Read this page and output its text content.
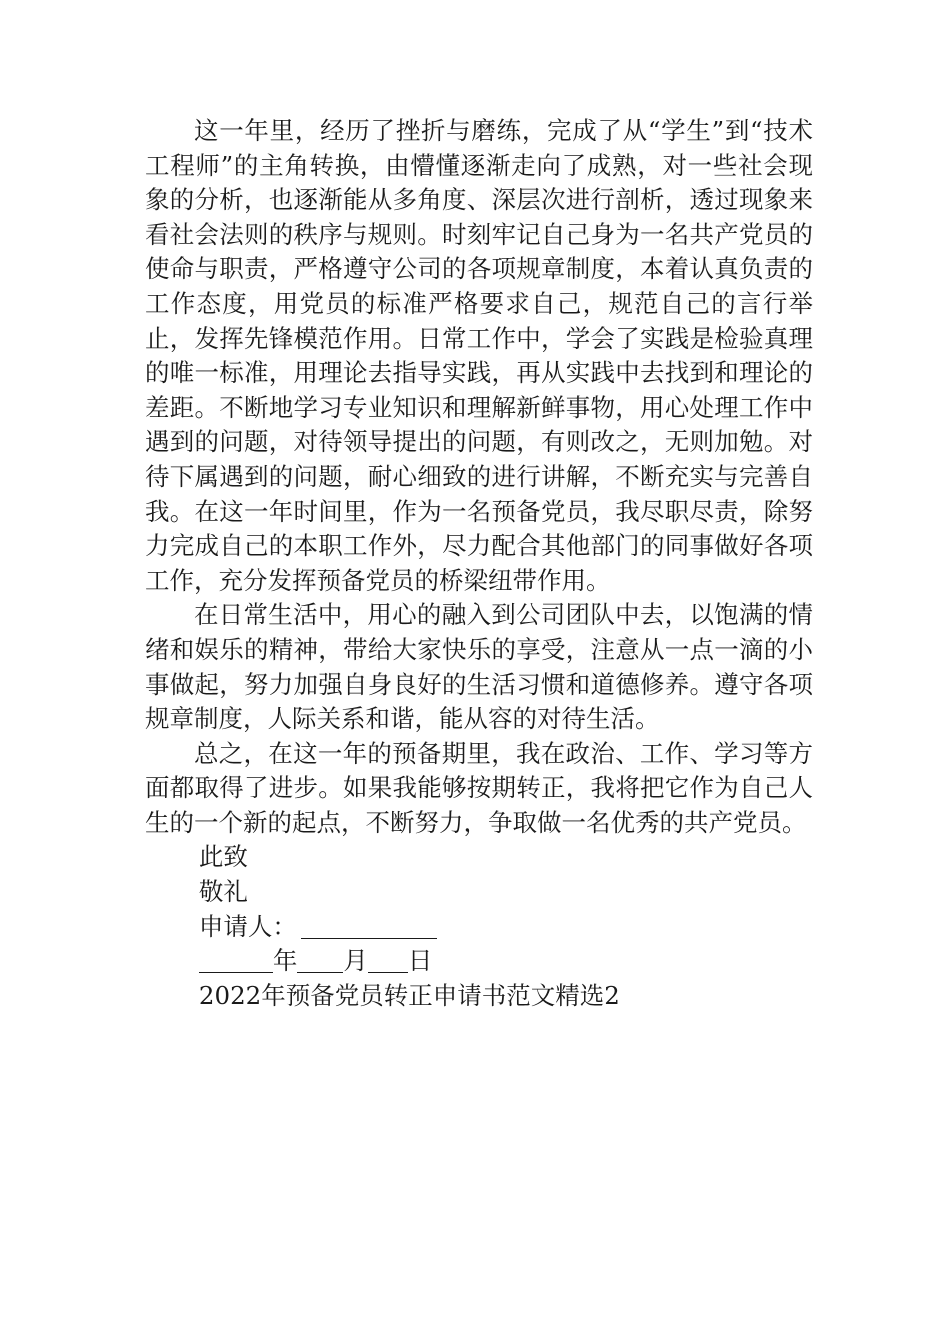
这一年里，经历了挫折与磨练，完成了从“学生”到“技术工程师”的主角转换，由懵懂逐渐走向了成熟，对一些社会现象的分析，也逐渐能从多角度、深层次进行剖析，透过现象来看社会法则的秩序与规则。时刻牢记自己身为一名共产党员的使命与职责，严格遵守公司的各项规章制度，本着认真负责的工作态度，用党员的标准严格要求自己，规范自己的言行举止，发挥先锋模范作用。日常工作中，学会了实践是检验真理的唯一标准，用理论去指导实践，再从实践中去找到和理论的差距。不断地学习专业知识和理解新鲜事物，用心处理工作中遇到的问题，对待领导提出的问题，有则改之，无则加勉。对待下属遇到的问题，耐心细致的进行讲解，不断充实与完善自我。在这一年时间里，作为一名预备党员，我尽职尽责，除努力完成自己的本职工作外，尽力配合其他部门的同事做好各项工作，充分发挥预备党员的桥梁纽带作用。

在日常生活中，用心的融入到公司团队中去，以饱满的情绪和娱乐的精神，带给大家快乐的享受，注意从一点一滴的小事做起，努力加强自身良好的生活习惯和道德修养。遵守各项规章制度，人际关系和谐，能从容的对待生活。

总之，在这一年的预备期里，我在政治、工作、学习等方面都取得了进步。如果我能够按期转正，我将把它作为自己人生的一个新的起点，不断努力，争取做一名优秀的共产党员。

此致

敬礼

申请人：

年 月 日

2022年预备党员转正申请书范文精选2
